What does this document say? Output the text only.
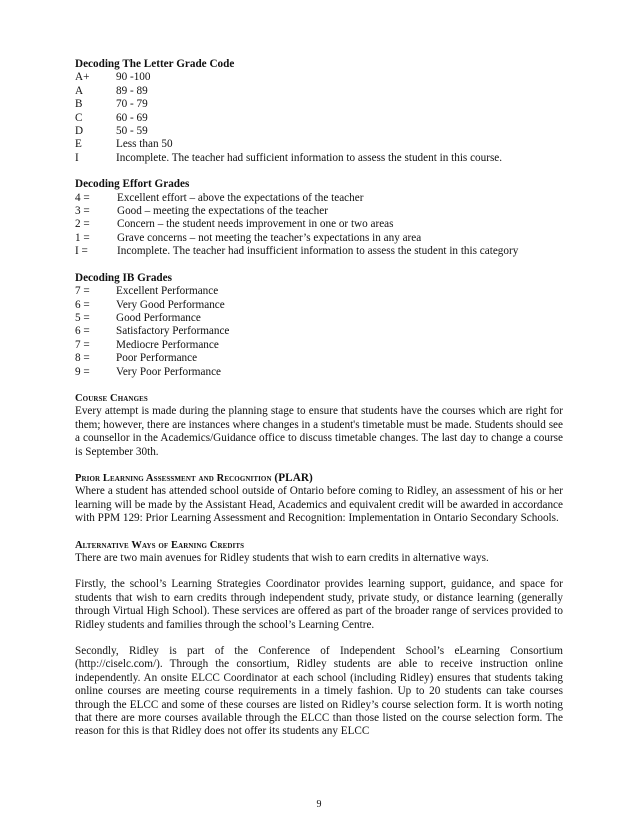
Decoding The Letter Grade Code

A+	90 -100
A	89 - 89
B	70 - 79
C	60 - 69
D	50 - 59
E	Less than 50
I	Incomplete. The teacher had sufficient information to assess the student in this course.

Decoding Effort Grades

4 =	Excellent effort – above the expectations of the teacher
3 =	Good – meeting the expectations of the teacher
2 =	Concern – the student needs improvement in one or two areas
1 =	Grave concerns – not meeting the teacher’s expectations in any area
I =	Incomplete. The teacher had insufficient information to assess the student in this category

Decoding IB Grades

7 =	Excellent Performance
6 =	Very Good Performance
5 =	Good Performance
6 =	Satisfactory Performance
7 =	Mediocre Performance
8 =	Poor Performance
9 =	Very Poor Performance

Course Changes

Every attempt is made during the planning stage to ensure that students have the courses which are right for them; however, there are instances where changes in a student's timetable must be made. Students should see a counsellor in the Academics/Guidance office to discuss timetable changes. The last day to change a course is September 30th.

Prior Learning Assessment and Recognition (PLAR)

Where a student has attended school outside of Ontario before coming to Ridley, an assessment of his or her learning will be made by the Assistant Head, Academics and equivalent credit will be awarded in accordance with PPM 129: Prior Learning Assessment and Recognition: Implementation in Ontario Secondary Schools.

Alternative Ways of Earning Credits

There are two main avenues for Ridley students that wish to earn credits in alternative ways.

Firstly, the school’s Learning Strategies Coordinator provides learning support, guidance, and space for students that wish to earn credits through independent study, private study, or distance learning (generally through Virtual High School). These services are offered as part of the broader range of services provided to Ridley students and families through the school’s Learning Centre.

Secondly, Ridley is part of the Conference of Independent School’s eLearning Consortium (http://ciselc.com/). Through the consortium, Ridley students are able to receive instruction online independently. An onsite ELCC Coordinator at each school (including Ridley) ensures that students taking online courses are meeting course requirements in a timely fashion. Up to 20 students can take courses through the ELCC and some of these courses are listed on Ridley’s course selection form. It is worth noting that there are more courses available through the ELCC than those listed on the course selection form. The reason for this is that Ridley does not offer its students any ELCC

9
